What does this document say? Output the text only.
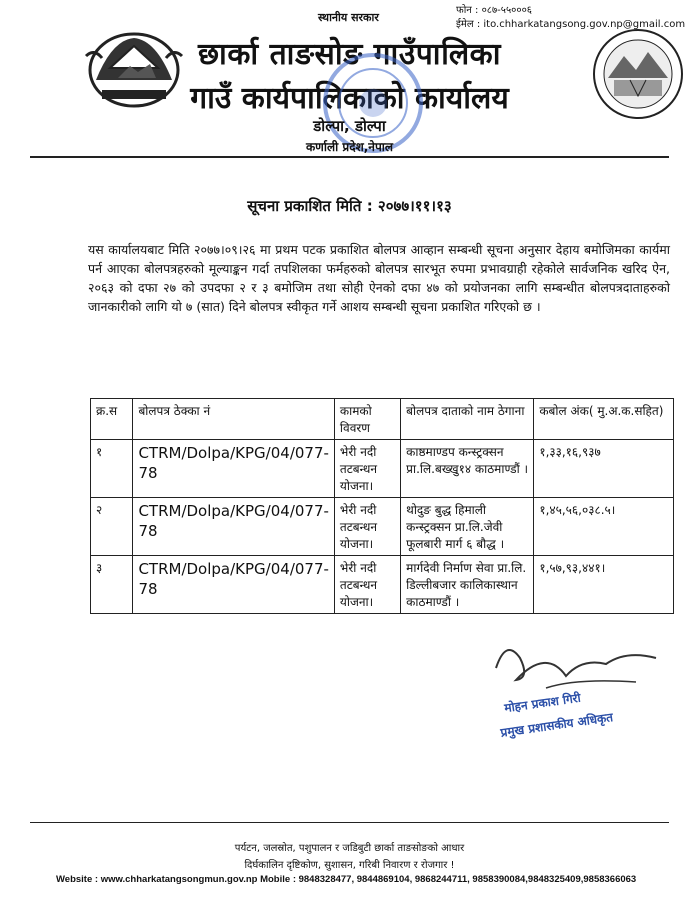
स्थानीय सरकार
फोन : ०८७-५५०००६
ईमेल : ito.chharkatangsong.gov.np@gmail.com
छार्का ताङसोङ गाउँपालिका
गाउँ कार्यपालिकाको कार्यालय
डोल्पा, डोल्पा
कर्णाली प्रदेश,नेपाल
सूचना प्रकाशित मिति : २०७७।११।१३
यस कार्यालयबाट मिति २०७७।०९।२६ मा प्रथम पटक प्रकाशित बोलपत्र आव्हान सम्बन्धी सूचना अनुसार देहाय बमोजिमका कार्यमा पर्न आएका बोलपत्रहरुको मूल्याङ्कन गर्दा तपशिलका फर्महरुको बोलपत्र सारभूत रुपमा प्रभावग्राही रहेकोले सार्वजनिक खरिद ऐन, २०६३ को दफा २७ को उपदफा २ र ३ बमोजिम तथा सोही ऐनको दफा ४७ को प्रयोजनका लागि सम्बन्धीत बोलपत्रदाताहरुको जानकारीको लागि यो ७ (सात) दिने बोलपत्र स्वीकृत गर्ने आशय सम्बन्धी सूचना प्रकाशित गरिएको छ ।
क्र.स	बोलपत्र ठेक्का नं	कामको विवरण	बोलपत्र दाताको नाम ठेगाना	कबोल अंक( मु.अ.क.सहित)
१	CTRM/Dolpa/KPG/04/077-78	भेरी नदी तटबन्धन योजना।	काष्ठमाण्डप कन्स्ट्रक्सन प्रा.लि.बख्खु१४ काठमाण्डौं ।	१,३३,१६,९३७
२	CTRM/Dolpa/KPG/04/077-78	भेरी नदी तटबन्धन योजना।	थोदुङ बुद्ध हिमाली कन्स्ट्रक्सन प्रा.लि.जेवी फूलबारी मार्ग ६ बौद्ध ।	१,४५,५६,०३८.५।
३	CTRM/Dolpa/KPG/04/077-78	भेरी नदी तटबन्धन योजना।	मार्गदेवी निर्माण सेवा प्रा.लि. डिल्लीबजार कालिकास्थान काठमाण्डौं ।	१,५७,९३,४४१।
मोहन प्रकाश गिरी
प्रमुख प्रशासकीय अधिकृत
पर्यटन, जलस्रोत, पशुपालन र जडिबुटी छार्का ताङसोङको आधार
दिर्घकालिन दृष्टिकोण, सुशासन, गरिबी निवारण र रोजगार !
Website : www.chharkatangsongmun.gov.np Mobile : 9848328477, 9844869104, 9868244711, 9858390084,9848325409,9858366063
